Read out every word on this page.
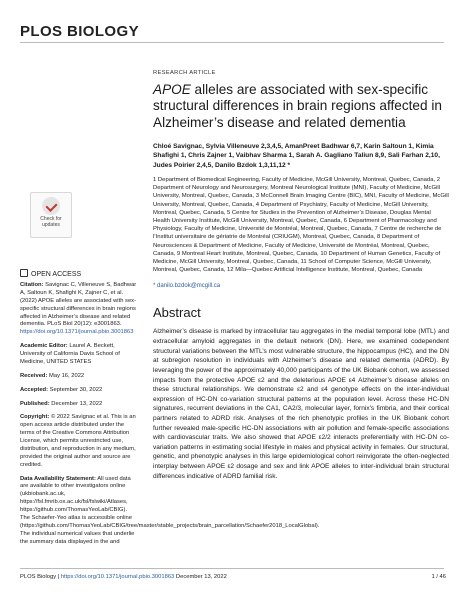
PLOS BIOLOGY
Check for
updates
OPEN ACCESS

Citation: Savignac C, Villeneuve S, Badhwar A, Saltoun K, Shafighi K, Zajner C, et al. (2022) APOE alleles are associated with sex-specific structural differences in brain regions affected in Alzheimer’s disease and related dementia. PLoS Biol 20(12): e3001863. https://doi.org/10.1371/journal.pbio.3001863

Academic Editor: Laurel A. Beckett, University of California Davis School of Medicine, UNITED STATES

Received: May 16, 2022

Accepted: September 30, 2022

Published: December 13, 2022

Copyright: © 2022 Savignac et al. This is an open access article distributed under the terms of the Creative Commons Attribution License, which permits unrestricted use, distribution, and reproduction in any medium, provided the original author and source are credited.

Data Availability Statement: All used data are available to other investigators online (ukbiobank.ac.uk, https://fsl.fmrib.ox.ac.uk/fsl/fslwiki/Atlases, https://github.com/ThomasYeoLab/CBIG). The Schaefer-Yeo atlas is accessible online (https://github.com/ThomasYeoLab/CBIG/tree/master/stable_projects/brain_parcellation/Schaefer2018_LocalGlobal). The individual numerical values that underlie the summary data displayed in the and

RESEARCH ARTICLE
APOE alleles are associated with sex-specific structural differences in brain regions affected in Alzheimer’s disease and related dementia
Chloé Savignac, Sylvia Villeneuve 2,3,4,5, AmanPreet Badhwar 6,7, Karin Saltoun 1, Kimia Shafighi 1, Chris Zajner 1, Vaibhav Sharma 1, Sarah A. Gagliano Taliun 8,9, Sali Farhan 2,10, Judes Poirier 2,4,5, Danilo Bzdok 1,3,11,12 *
1 Department of Biomedical Engineering, Faculty of Medicine, McGill University, Montreal, Quebec, Canada, 2 Department of Neurology and Neurosurgery, Montreal Neurological Institute (MNI), Faculty of Medicine, McGill University, Montreal, Quebec, Canada, 3 McConnell Brain Imaging Centre (BIC), MNI, Faculty of Medicine, McGill University, Montreal, Quebec, Canada, 4 Department of Psychiatry, Faculty of Medicine, McGill University, Montreal, Quebec, Canada, 5 Centre for Studies in the Prevention of Alzheimer’s Disease, Douglas Mental Health University Institute, McGill University, Montreal, Quebec, Canada, 6 Department of Pharmacology and Physiology, Faculty of Medicine, Université de Montréal, Montreal, Quebec, Canada, 7 Centre de recherche de l’Institut universitaire de gériatrie de Montréal (CRIUGM), Montreal, Quebec, Canada, 8 Department of Neurosciences & Department of Medicine, Faculty of Medicine, Université de Montréal, Montreal, Quebec, Canada, 9 Montreal Heart Institute, Montreal, Quebec, Canada, 10 Department of Human Genetics, Faculty of Medicine, McGill University, Montreal, Quebec, Canada, 11 School of Computer Science, McGill University, Montreal, Quebec, Canada, 12 Mila—Quebec Artificial Intelligence Institute, Montreal, Quebec, Canada
* danilo.bzdok@mcgill.ca
Abstract
Alzheimer’s disease is marked by intracellular tau aggregates in the medial temporal lobe (MTL) and extracellular amyloid aggregates in the default network (DN). Here, we examined codependent structural variations between the MTL’s most vulnerable structure, the hippocampus (HC), and the DN at subregion resolution in individuals with Alzheimer’s disease and related dementia (ADRD). By leveraging the power of the approximately 40,000 participants of the UK Biobank cohort, we assessed impacts from the protective APOE ε2 and the deleterious APOE ε4 Alzheimer’s disease alleles on these structural relationships. We demonstrate ε2 and ε4 genotype effects on the inter-individual expression of HC-DN co-variation structural patterns at the population level. Across these HC-DN signatures, recurrent deviations in the CA1, CA2/3, molecular layer, fornix’s fimbria, and their cortical partners related to ADRD risk. Analyses of the rich phenotypic profiles in the UK Biobank cohort further revealed male-specific HC-DN associations with air pollution and female-specific associations with cardiovascular traits. We also showed that APOE ε2/2 interacts preferentially with HC-DN co-variation patterns in estimating social lifestyle in males and physical activity in females. Our structural, genetic, and phenotypic analyses in this large epidemiological cohort reinvigorate the often-neglected interplay between APOE ε2 dosage and sex and link APOE alleles to inter-individual brain structural differences indicative of ADRD familial risk.
PLOS Biology | https://doi.org/10.1371/journal.pbio.3001863 December 13, 2022	1 / 46
